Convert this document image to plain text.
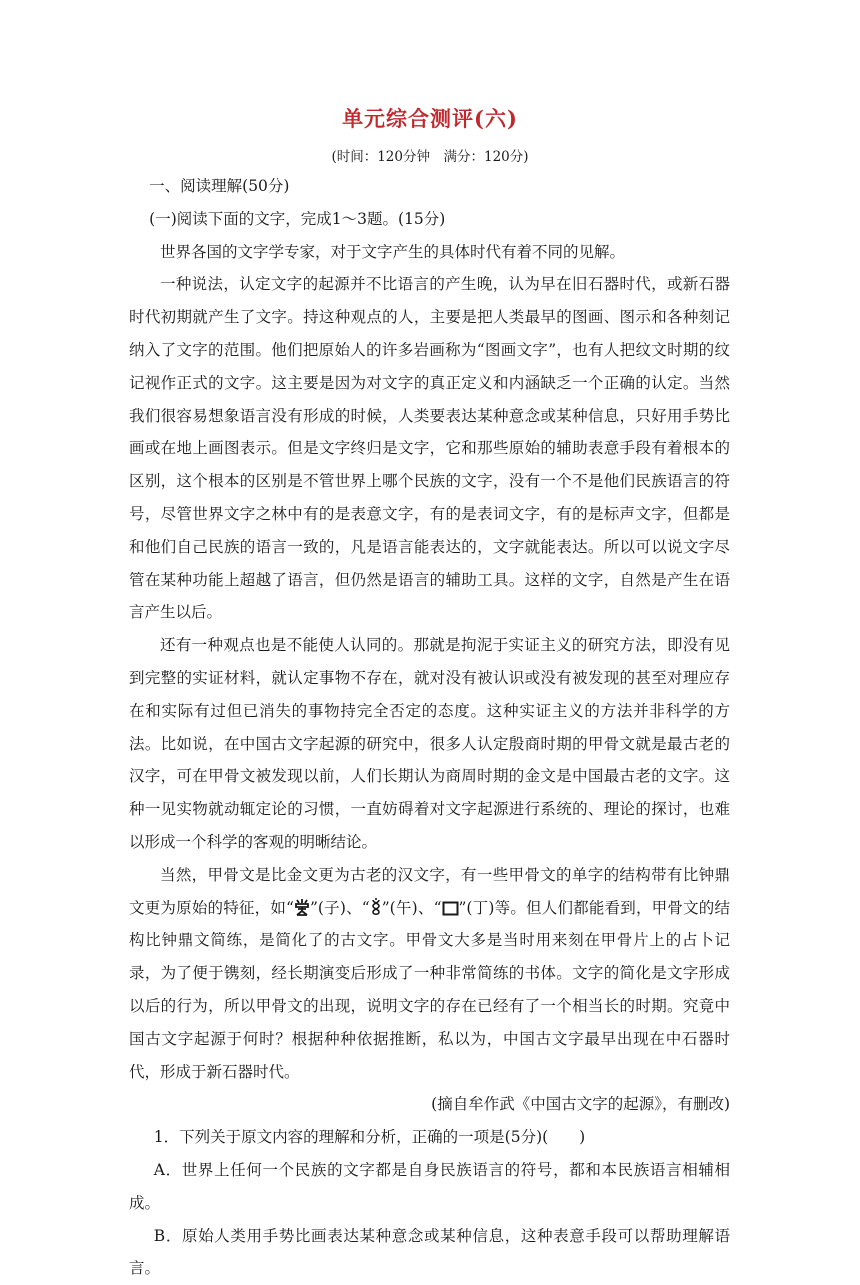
单元综合测评(六)
(时间：120分钟　满分：120分)

一、阅读理解(50分)

(一)阅读下面的文字，完成1～3题。(15分)

世界各国的文字学专家，对于文字产生的具体时代有着不同的见解。

一种说法，认定文字的起源并不比语言的产生晚，认为早在旧石器时代，或新石器时代初期就产生了文字。持这种观点的人，主要是把人类最早的图画、图示和各种刻记纳入了文字的范围。他们把原始人的许多岩画称为“图画文字”，也有人把纹文时期的纹记视作正式的文字。这主要是因为对文字的真正定义和内涵缺乏一个正确的认定。当然我们很容易想象语言没有形成的时候，人类要表达某种意念或某种信息，只好用手势比画或在地上画图表示。但是文字终归是文字，它和那些原始的辅助表意手段有着根本的区别，这个根本的区别是不管世界上哪个民族的文字，没有一个不是他们民族语言的符号，尽管世界文字之林中有的是表意文字，有的是表词文字，有的是标声文字，但都是和他们自己民族的语言一致的，凡是语言能表达的，文字就能表达。所以可以说文字尽管在某种功能上超越了语言，但仍然是语言的辅助工具。这样的文字，自然是产生在语言产生以后。

还有一种观点也是不能使人认同的。那就是拘泥于实证主义的研究方法，即没有见到完整的实证材料，就认定事物不存在，就对没有被认识或没有被发现的甚至对理应存在和实际有过但已消失的事物持完全否定的态度。这种实证主义的方法并非科学的方法。比如说，在中国古文字起源的研究中，很多人认定殷商时期的甲骨文就是最古老的汉字，可在甲骨文被发现以前，人们长期认为商周时期的金文是中国最古老的文字。这种一见实物就动辄定论的习惯，一直妨碍着对文字起源进行系统的、理论的探讨，也难以形成一个科学的客观的明晰结论。

当然，甲骨文是比金文更为古老的汉文字，有一些甲骨文的单字的结构带有比钟鼎文更为原始的特征，如“ ”(子)、“ ”(午)、“ ”(丁)等。但人们都能看到，甲骨文的结构比钟鼎文简练，是简化了的古文字。甲骨文大多是当时用来刻在甲骨片上的占卜记录，为了便于镌刻，经长期演变后形成了一种非常简练的书体。文字的简化是文字形成以后的行为，所以甲骨文的出现，说明文字的存在已经有了一个相当长的时期。究竟中国古文字起源于何时？根据种种依据推断，私以为，中国古文字最早出现在中石器时代，形成于新石器时代。

(摘自牟作武《中国古文字的起源》，有删改)

1．下列关于原文内容的理解和分析，正确的一项是(5分)(　　)

A．世界上任何一个民族的文字都是自身民族语言的符号，都和本民族语言相辅相成。

B．原始人类用手势比画表达某种意念或某种信息，这种表意手段可以帮助理解语言。
